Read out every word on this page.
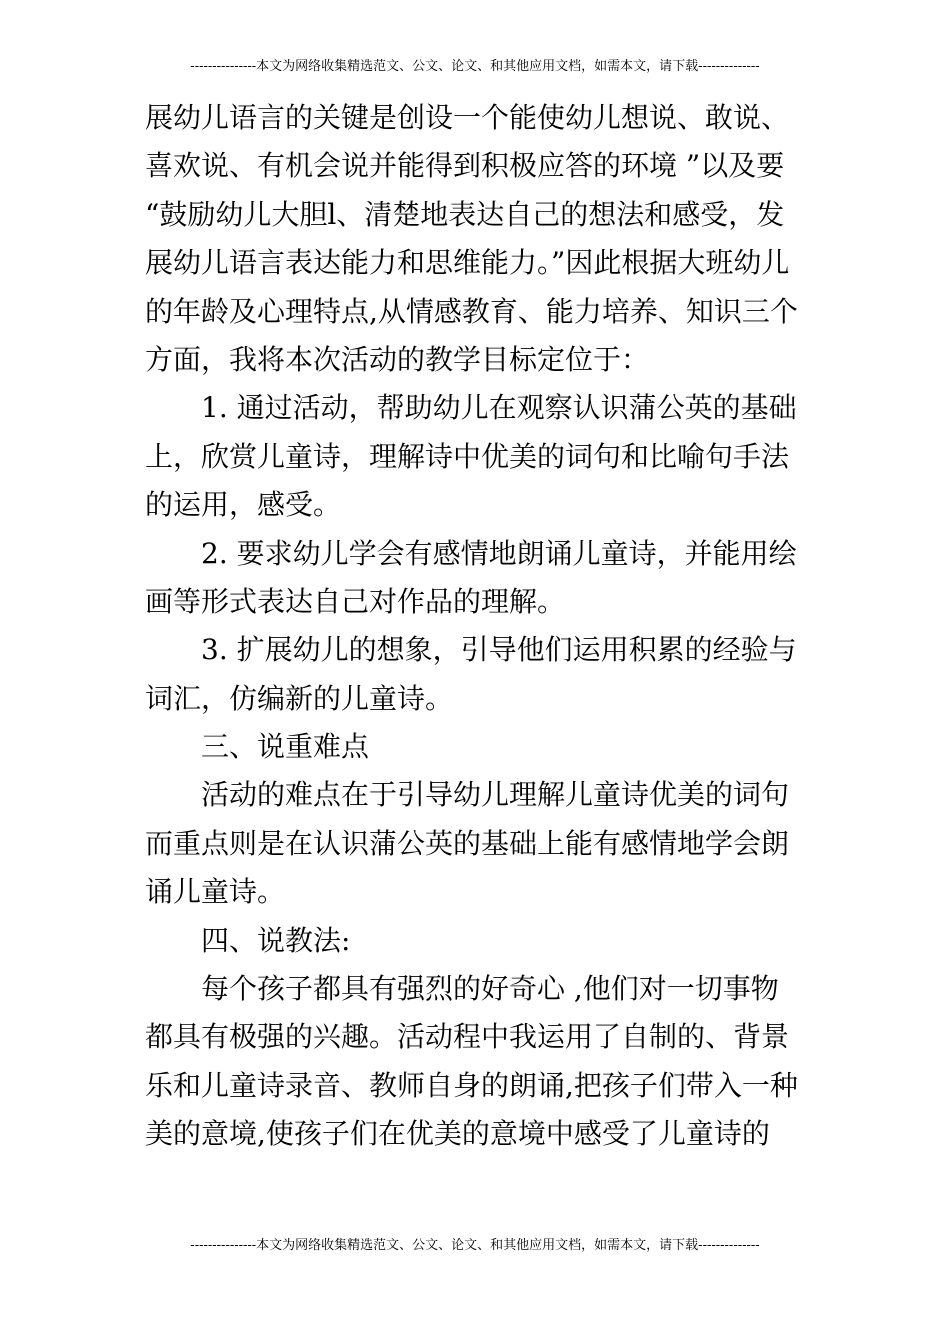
---------------本文为网络收集精选范文、公文、论文、和其他应用文档，如需本文，请下载--------------
展幼儿语言的关键是创设一个能使幼儿想说、敢说、
喜欢说、有机会说并能得到积极应答的环境 ”以及要
“鼓励幼儿大胆l、清楚地表达自己的想法和感受，发
展幼儿语言表达能力和思维能力。”因此根据大班幼儿
的年龄及心理特点,从情感教育、能力培养、知识三个
方面，我将本次活动的教学目标定位于：
1. 通过活动，帮助幼儿在观察认识蒲公英的基础
上，欣赏儿童诗，理解诗中优美的词句和比喻句手法
的运用，感受。
2. 要求幼儿学会有感情地朗诵儿童诗，并能用绘
画等形式表达自己对作品的理解。
3. 扩展幼儿的想象，引导他们运用积累的经验与
词汇，仿编新的儿童诗。
三、说重难点
活动的难点在于引导幼儿理解儿童诗优美的词句
而重点则是在认识蒲公英的基础上能有感情地学会朗
诵儿童诗。
四、说教法:
每个孩子都具有强烈的好奇心 ,他们对一切事物
都具有极强的兴趣。活动程中我运用了自制的、背景
乐和儿童诗录音、教师自身的朗诵,把孩子们带入一种
美的意境,使孩子们在优美的意境中感受了儿童诗的
---------------本文为网络收集精选范文、公文、论文、和其他应用文档，如需本文，请下载--------------
